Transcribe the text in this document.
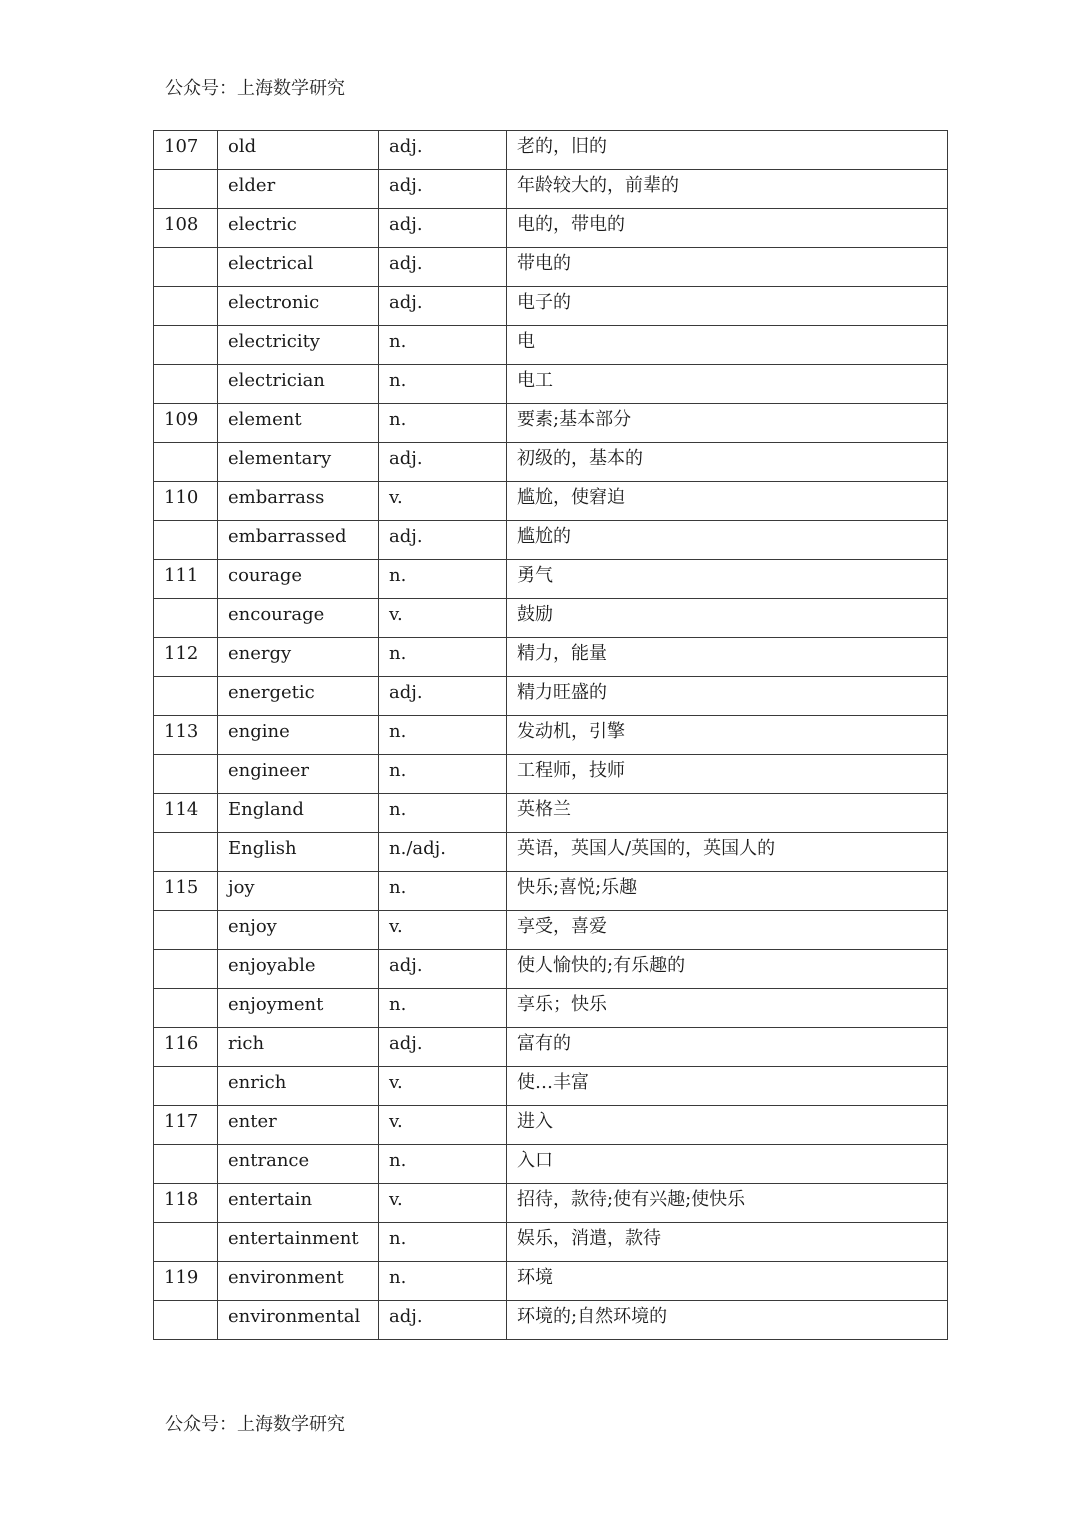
公众号：上海数学研究
107	old	adj.	老的，旧的

	elder	adj.	年龄较大的，前辈的

108	electric	adj.	电的，带电的

	electrical	adj.	带电的

	electronic	adj.	电子的

	electricity	n.	电

	electrician	n.	电工

109	element	n.	要素;基本部分

	elementary	adj.	初级的，基本的

110	embarrass	v.	尴尬，使窘迫

	embarrassed	adj.	尴尬的

111	courage	n.	勇气

	encourage	v.	鼓励

112	energy	n.	精力，能量

	energetic	adj.	精力旺盛的

113	engine	n.	发动机，引擎

	engineer	n.	工程师，技师

114	England	n.	英格兰

	English	n./adj.	英语，英国人/英国的，英国人的

115	joy	n.	快乐;喜悦;乐趣

	enjoy	v.	享受，喜爱

	enjoyable	adj.	使人愉快的;有乐趣的

	enjoyment	n.	享乐；快乐

116	rich	adj.	富有的

	enrich	v.	使…丰富

117	enter	v.	进入

	entrance	n.	入口

118	entertain	v.	招待，款待;使有兴趣;使快乐

	entertainment	n.	娱乐，消遣，款待

119	environment	n.	环境

	environmental	adj.	环境的;自然环境的
公众号：上海数学研究
